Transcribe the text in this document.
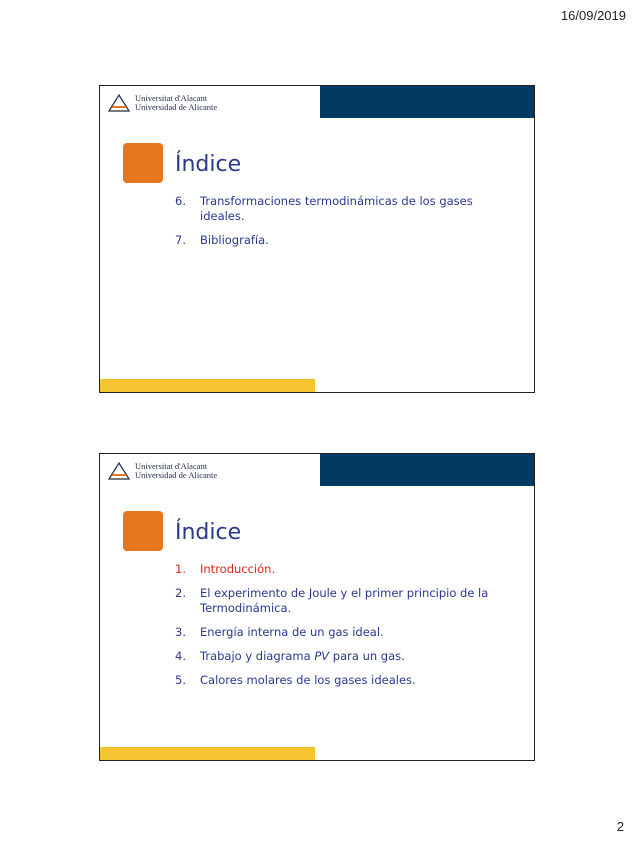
16/09/2019
Universitat d'Alacant
Universidad de Alicante
Índice
6.	Transformaciones termodinámicas de los gases ideales.
7.	Bibliografía.
Universitat d'Alacant
Universidad de Alicante
Índice
1.	Introducción.
2.	El experimento de Joule y el primer principio de la Termodinámica.
3.	Energía interna de un gas ideal.
4.	Trabajo y diagrama PV para un gas.
5.	Calores molares de los gases ideales.
2
